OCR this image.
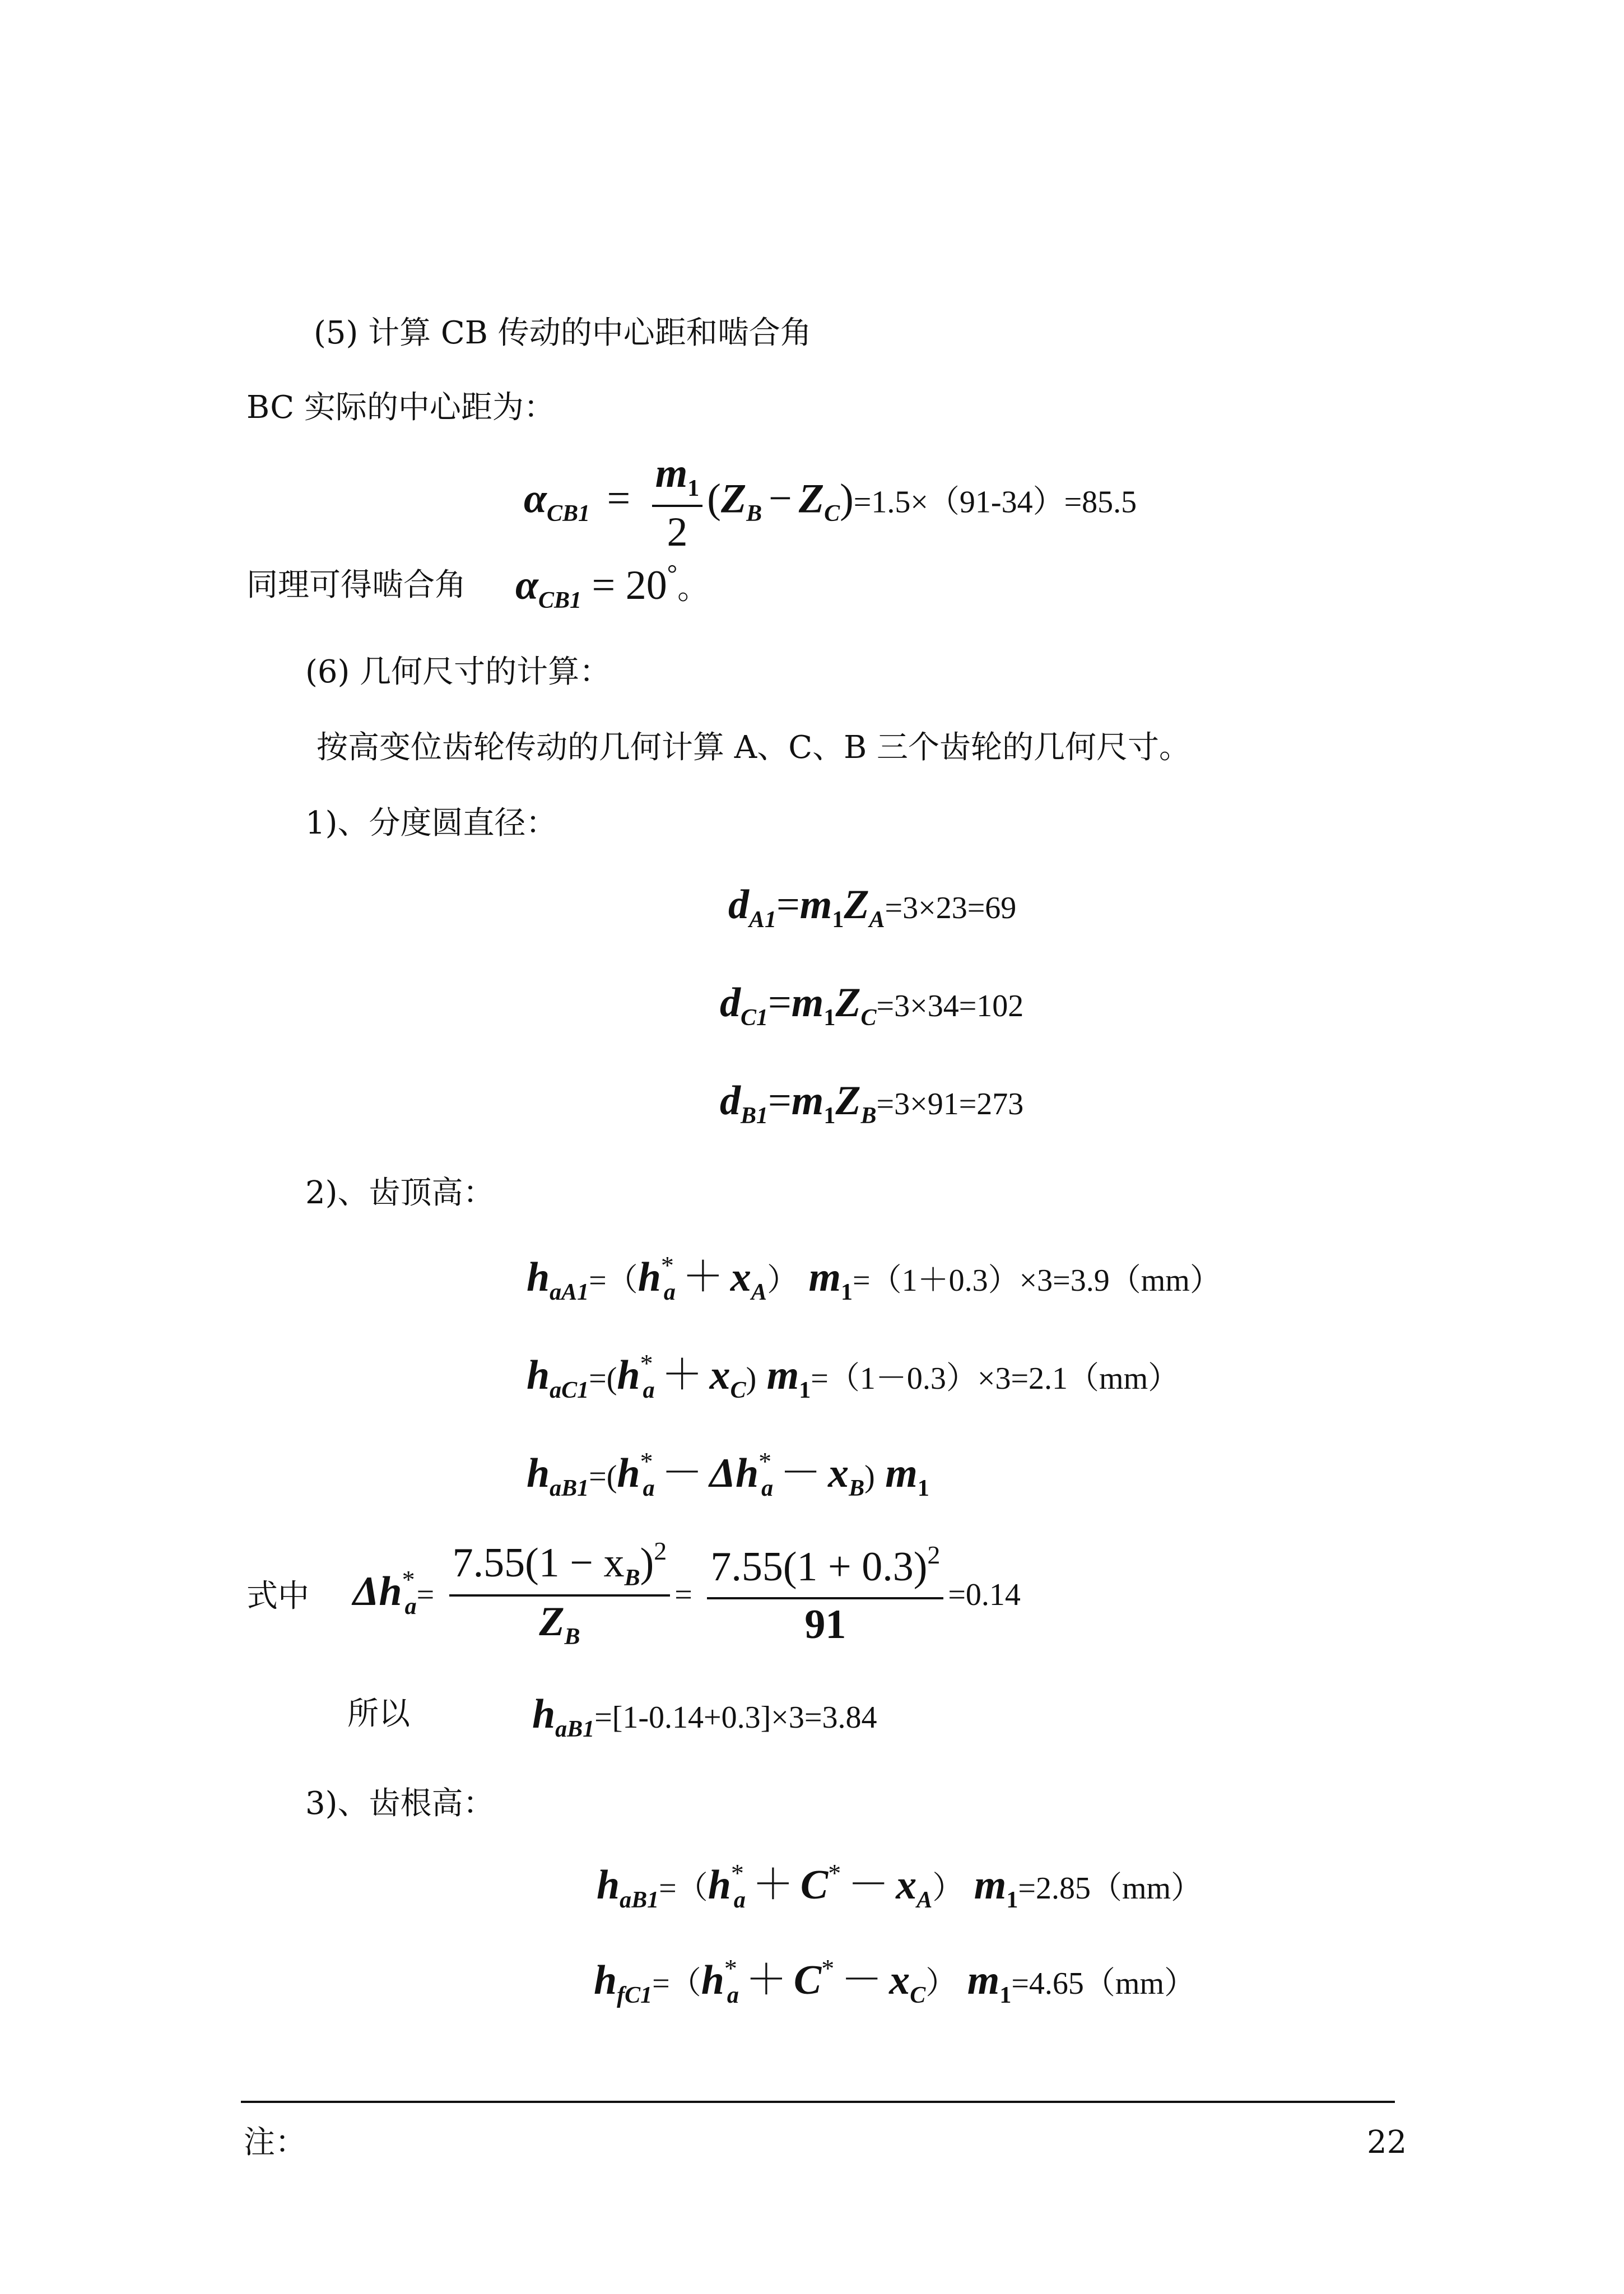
(5) 计算 CB 传动的中心距和啮合角
BC 实际的中心距为：
$\alpha_{CB1} = \frac{m_1}{2} (Z_B - Z_C)=1.5\times(91-34)=85.5$
同理可得啮合角 $\alpha_{CB1} = 20^\circ$。
(6) 几何尺寸的计算：
按高变位齿轮传动的几何计算 A、C、B 三个齿轮的几何尺寸。
1)、分度圆直径：
$d_{A1}=m_1Z_A=3\times 23=69$
$d_{C1}=m_1Z_C=3\times 34=102$
$d_{B1}=m_1Z_B=3\times 91=273$
2)、齿顶高：
$h_{aA1}=(h^*_a + x_A)$ $m_1=(1+0.3)\times 3=3.9(mm)$
$h_{aC1}=(h^*_a + x_C)$ $m_1=(1-0.3)\times 3=2.1(mm)$
$h_{aB1}=(h^*_a - \Delta h^*_a - x_B)$ $m_1$
式中 $\Delta h^*_a= \frac{7.55(1 - x_B)^2}{Z_B} = \frac{7.55(1 + 0.3)^2}{91} =0.14$
所以	$h_{aB1}=[1-0.14+0.3]\times 3=3.84$
3)、齿根高：
$h_{aB1}=(h^*_a + C^* - x_A)$ $m_1=2.85(mm)$
$h_{fC1}=(h^*_a + C^* - x_C)$ $m_1=4.65(mm)$
注：	22
